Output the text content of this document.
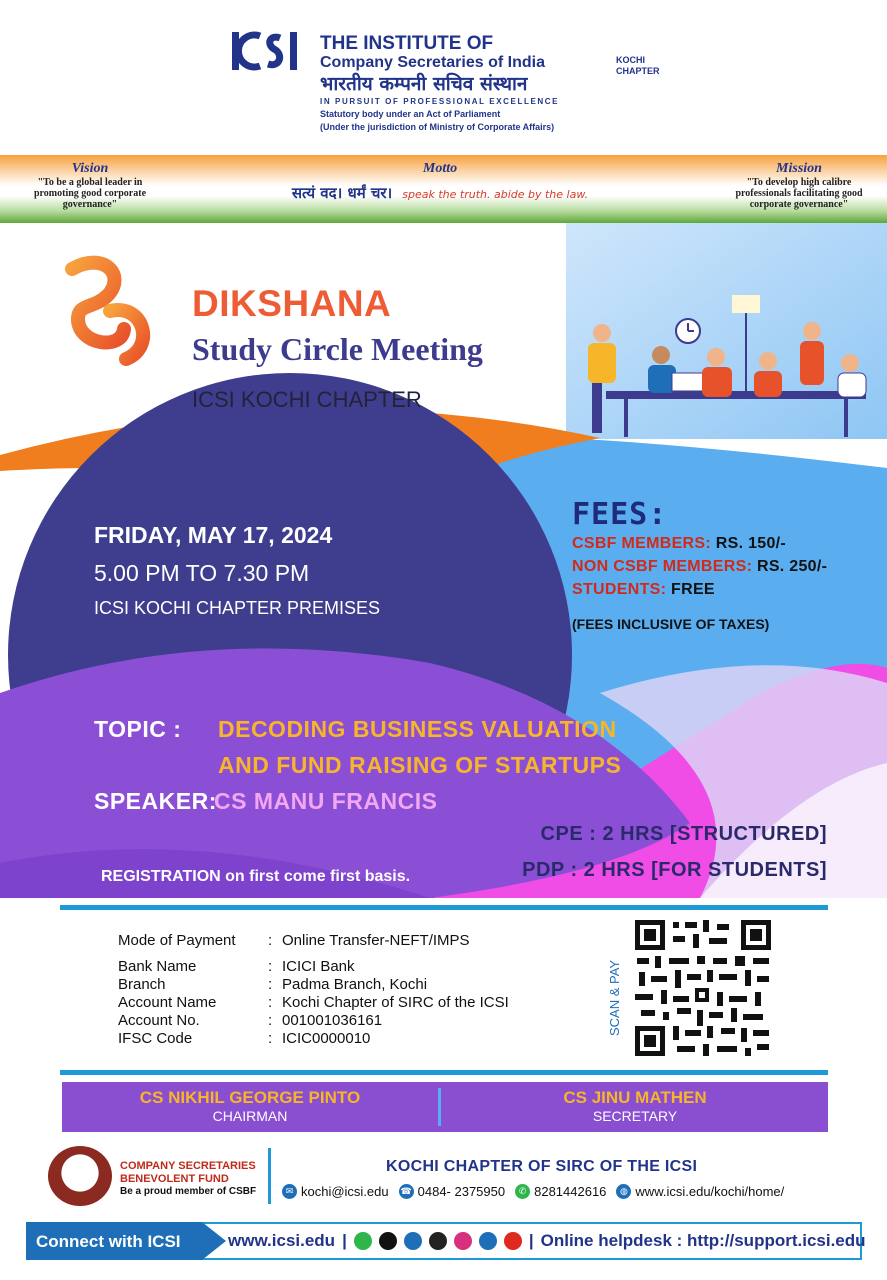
THE INSTITUTE OF
Company Secretaries of India
भारतीय कम्पनी सचिव संस्थान
IN PURSUIT OF PROFESSIONAL EXCELLENCE
Statutory body under an Act of Parliament
(Under the jurisdiction of Ministry of Corporate Affairs)
KOCHI
CHAPTER
Vision
"To be a global leader in promoting good corporate governance"
Motto
सत्यं वद। धर्मं चर। speak the truth. abide by the law.
Mission
"To develop high calibre professionals facilitating good corporate governance"
DIKSHANA
Study Circle Meeting
ICSI KOCHI CHAPTER
FRIDAY, MAY 17, 2024
5.00 PM TO 7.30 PM
ICSI KOCHI CHAPTER PREMISES
FEES:
CSBF MEMBERS: RS. 150/-
NON CSBF MEMBERS: RS. 250/-
STUDENTS: FREE
(FEES INCLUSIVE OF TAXES)
TOPIC : DECODING BUSINESS VALUATION
AND FUND RAISING OF STARTUPS
SPEAKER:
CS MANU FRANCIS
CPE : 2 HRS [STRUCTURED]
PDP : 2 HRS [FOR STUDENTS]
REGISTRATION on first come first basis.
Mode of Payment	: Online Transfer-NEFT/IMPS
Bank Name	: ICICI Bank
Branch	: Padma Branch, Kochi
Account Name	: Kochi Chapter of SIRC of the ICSI
Account No.	: 001001036161
IFSC Code	: ICIC0000010
SCAN & PAY
CS NIKHIL GEORGE PINTO
CHAIRMAN
CS JINU MATHEN
SECRETARY
COMPANY SECRETARIES
BENEVOLENT FUND
Be a proud member of CSBF
KOCHI CHAPTER OF SIRC OF THE ICSI
✉ kochi@icsi.edu ☎ 0484- 2375950	✆ 8281442616	◍ www.icsi.edu/kochi/home/
Connect with ICSI	www.icsi.edu |	| Online helpdesk : http://support.icsi.edu
